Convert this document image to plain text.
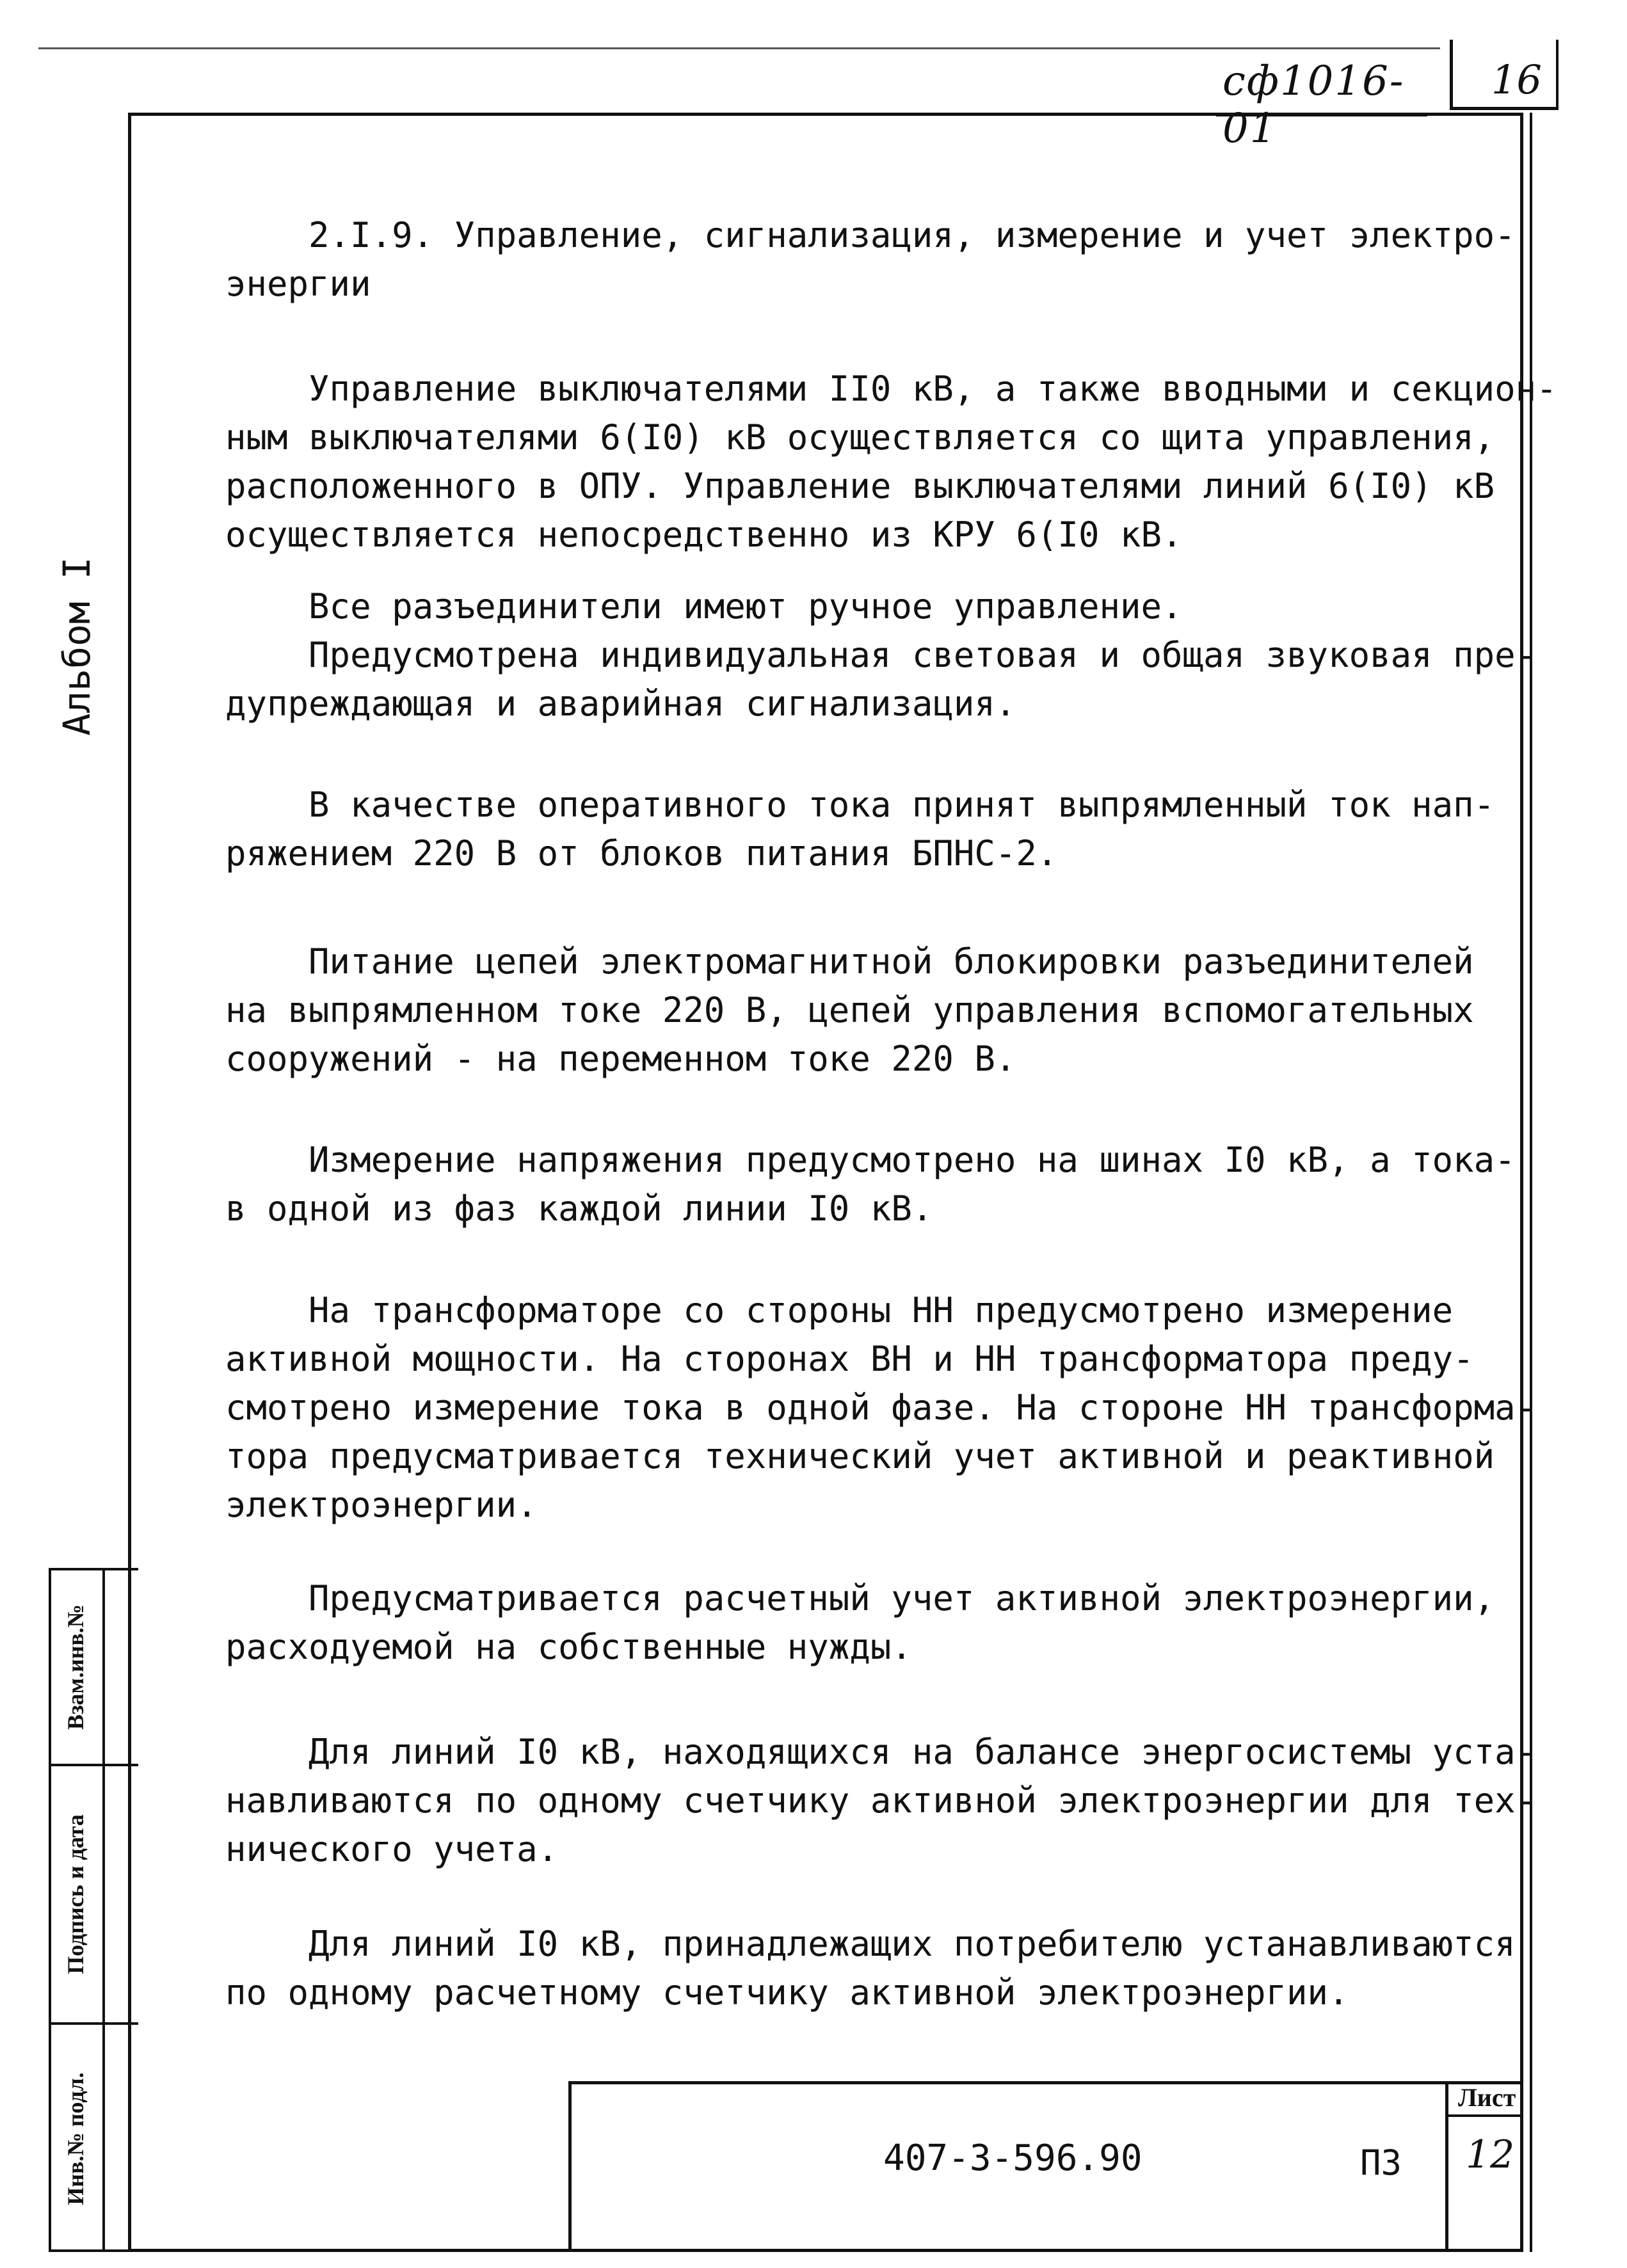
сф1016-01
16
Альбом I
Взам.инв.№
Подпись и дата
Инв.№ подл.
2.I.9. Управление, сигнализация, измерение и учет электро-
энергии
Управление выключателями II0 кВ, а также вводными и секцион-
ным выключателями 6(I0) кВ осуществляется со щита управления,
расположенного в ОПУ. Управление выключателями линий 6(I0) кВ
осуществляется непосредственно из КРУ 6(I0 кВ.
Все разъединители имеют ручное управление.
Предусмотрена индивидуальная световая и общая звуковая пре-
дупреждающая и аварийная сигнализация.
В качестве оперативного тока принят выпрямленный ток нап-
ряжением 220 В от блоков питания БПНС-2.
Питание цепей электромагнитной блокировки разъединителей
на выпрямленном токе 220 В, цепей управления вспомогательных
сооружений - на переменном токе 220 В.
Измерение напряжения предусмотрено на шинах I0 кВ, а тока-
в одной из фаз каждой линии I0 кВ.
На трансформаторе со стороны НН предусмотрено измерение
активной мощности. На сторонах ВН и НН трансформатора преду-
смотрено измерение тока в одной фазе. На стороне НН трансформа-
тора предусматривается технический учет активной и реактивной
электроэнергии.
Предусматривается расчетный учет активной электроэнергии,
расходуемой на собственные нужды.
Для линий I0 кВ, находящихся на балансе энергосистемы уста-
навливаются по одному счетчику активной электроэнергии для тех-
нического учета.
Для линий I0 кВ, принадлежащих потребителю устанавливаются
по одному расчетному счетчику активной электроэнергии.
407-3-596.90	ПЗ
Лист
12
